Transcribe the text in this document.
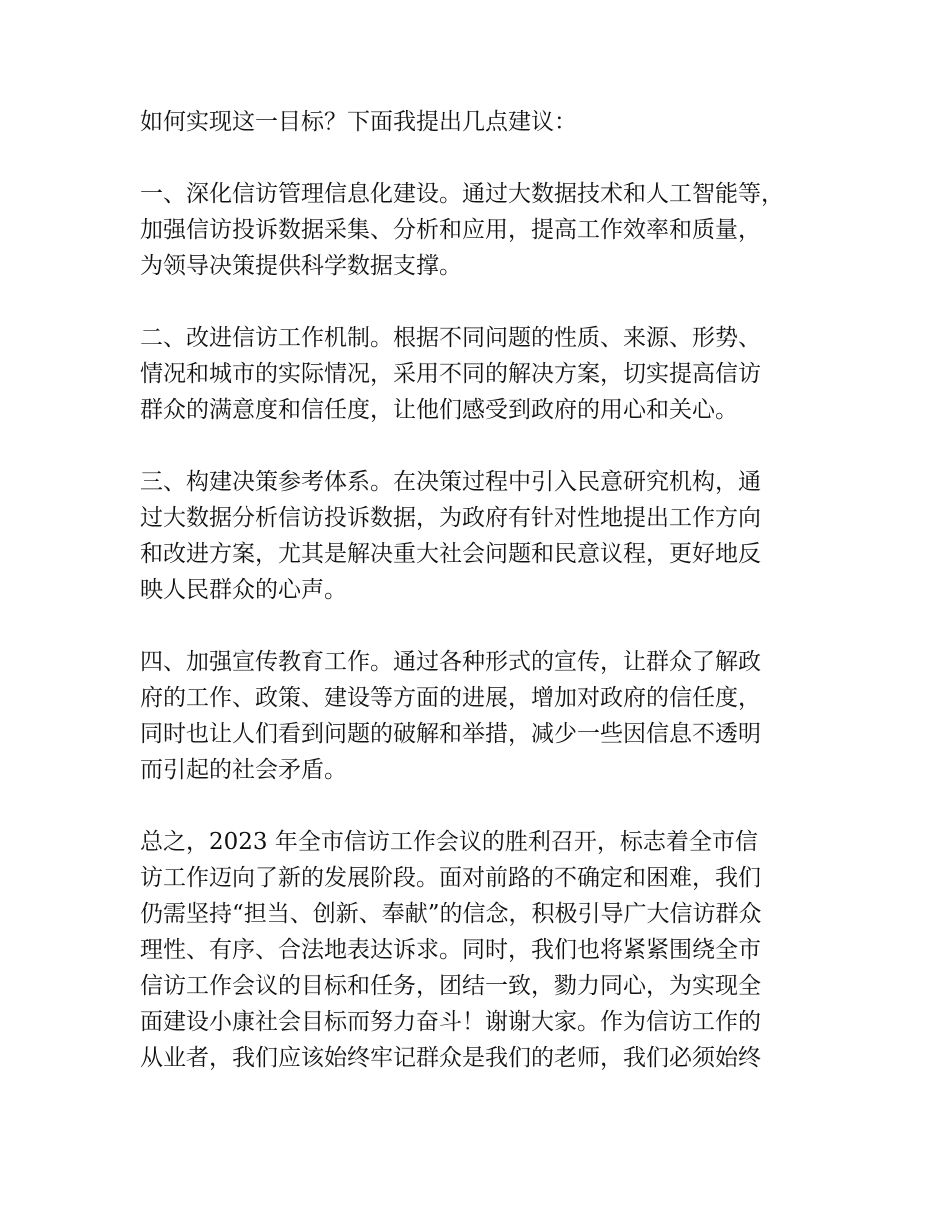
如何实现这一目标？下面我提出几点建议：

一、深化信访管理信息化建设。通过大数据技术和人工智能等，
加强信访投诉数据采集、分析和应用，提高工作效率和质量，
为领导决策提供科学数据支撑。

二、改进信访工作机制。根据不同问题的性质、来源、形势、
情况和城市的实际情况，采用不同的解决方案，切实提高信访
群众的满意度和信任度，让他们感受到政府的用心和关心。

三、构建决策参考体系。在决策过程中引入民意研究机构，通
过大数据分析信访投诉数据，为政府有针对性地提出工作方向
和改进方案，尤其是解决重大社会问题和民意议程，更好地反
映人民群众的心声。

四、加强宣传教育工作。通过各种形式的宣传，让群众了解政
府的工作、政策、建设等方面的进展，增加对政府的信任度，
同时也让人们看到问题的破解和举措，减少一些因信息不透明
而引起的社会矛盾。

总之，2023 年全市信访工作会议的胜利召开，标志着全市信
访工作迈向了新的发展阶段。面对前路的不确定和困难，我们
仍需坚持“担当、创新、奉献”的信念，积极引导广大信访群众
理性、有序、合法地表达诉求。同时，我们也将紧紧围绕全市
信访工作会议的目标和任务，团结一致，勠力同心，为实现全
面建设小康社会目标而努力奋斗！谢谢大家。作为信访工作的
从业者，我们应该始终牢记群众是我们的老师，我们必须始终
